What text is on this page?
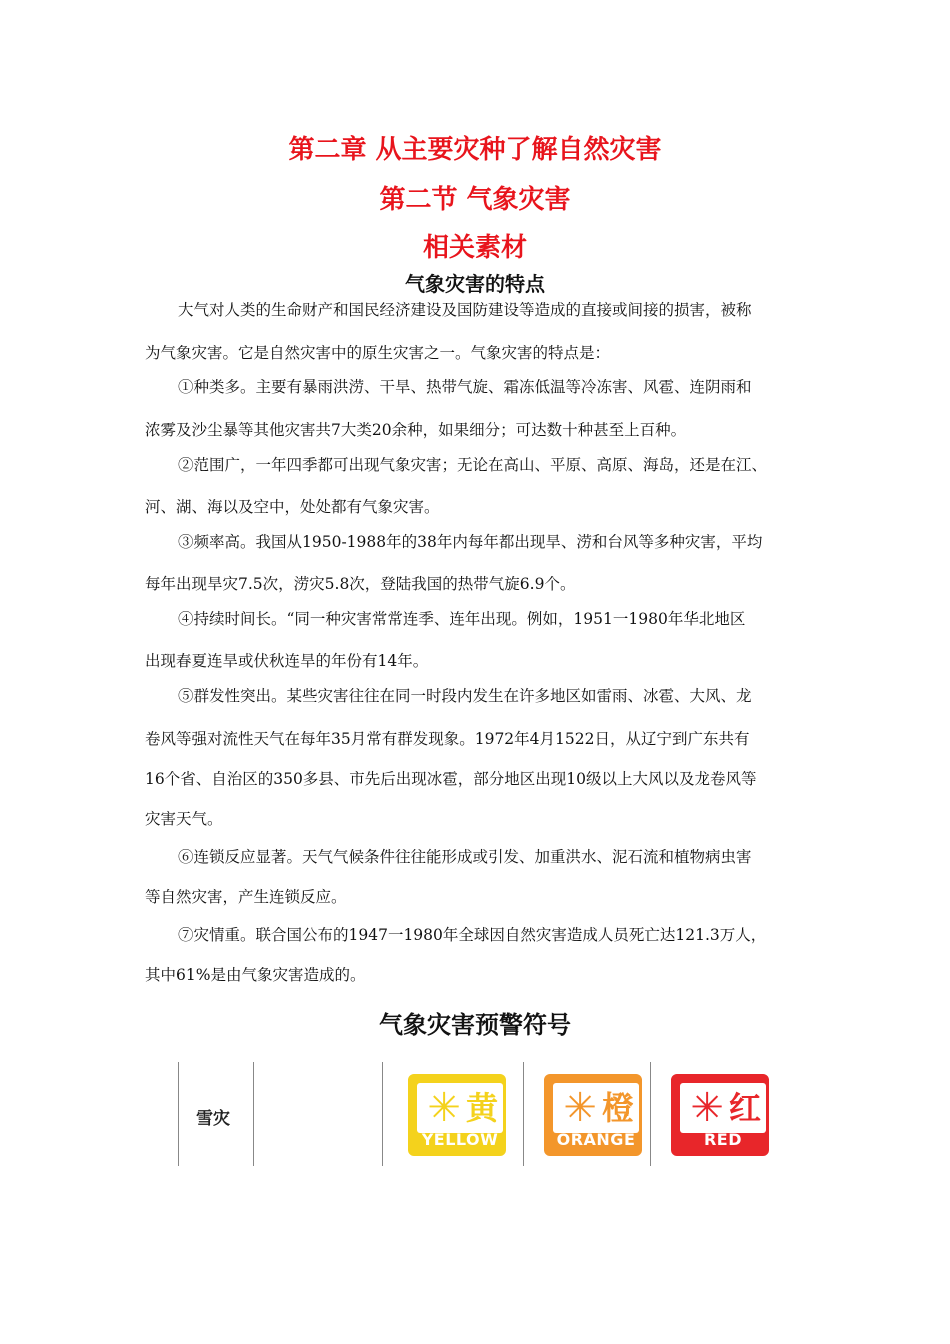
第二章 从主要灾种了解自然灾害
第二节 气象灾害
相关素材
气象灾害的特点
大气对人类的生命财产和国民经济建设及国防建设等造成的直接或间接的损害，被称
为气象灾害。它是自然灾害中的原生灾害之一。气象灾害的特点是：
①种类多。主要有暴雨洪涝、干旱、热带气旋、霜冻低温等冷冻害、风雹、连阴雨和
浓雾及沙尘暴等其他灾害共7大类20余种，如果细分；可达数十种甚至上百种。
②范围广，一年四季都可出现气象灾害；无论在高山、平原、高原、海岛，还是在江、
河、湖、海以及空中，处处都有气象灾害。
③频率高。我国从1950-1988年的38年内每年都出现旱、涝和台风等多种灾害，平均
每年出现旱灾7.5次，涝灾5.8次，登陆我国的热带气旋6.9个。
④持续时间长。“同一种灾害常常连季、连年出现。例如，1951一1980年华北地区
出现春夏连旱或伏秋连旱的年份有14年。
⑤群发性突出。某些灾害往往在同一时段内发生在许多地区如雷雨、冰雹、大风、龙
卷风等强对流性天气在每年35月常有群发现象。1972年4月1522日，从辽宁到广东共有
16个省、自治区的350多县、市先后出现冰雹，部分地区出现10级以上大风以及龙卷风等
灾害天气。
⑥连锁反应显著。天气气候条件往往能形成或引发、加重洪水、泥石流和植物病虫害
等自然灾害，产生连锁反应。
⑦灾情重。联合国公布的1947一1980年全球因自然灾害造成人员死亡达121.3万人，
其中61%是由气象灾害造成的。
气象灾害预警符号
雪灾	✳ 黄
YELLOW
✳ 橙
ORANGE
✳ 红
RED
